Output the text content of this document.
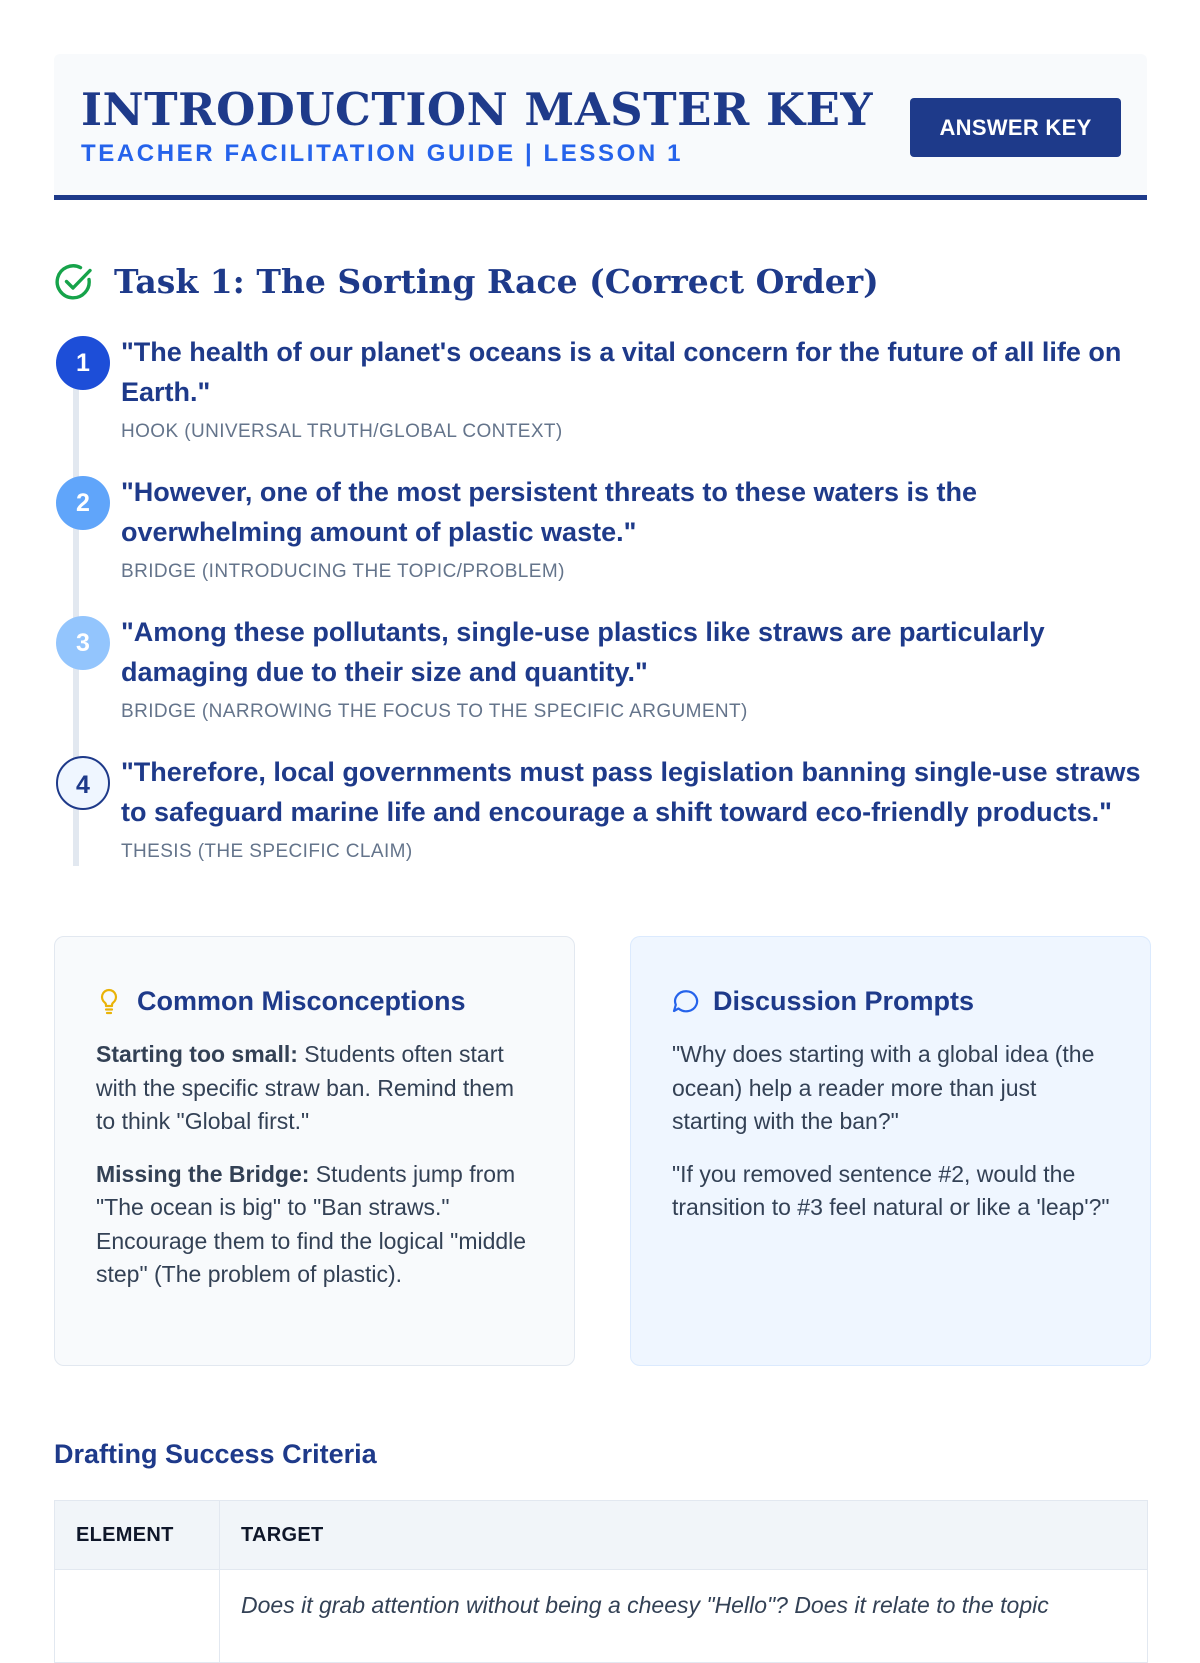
INTRODUCTION MASTER KEY
TEACHER FACILITATION GUIDE | LESSON 1
ANSWER KEY
Task 1: The Sorting Race (Correct Order)
1	"The health of our planet's oceans is a vital concern for the future of all life on Earth."

HOOK (UNIVERSAL TRUTH/GLOBAL CONTEXT)
2	"However, one of the most persistent threats to these waters is the overwhelming amount of plastic waste."

BRIDGE (INTRODUCING THE TOPIC/PROBLEM)
3	"Among these pollutants, single-use plastics like straws are particularly damaging due to their size and quantity."

BRIDGE (NARROWING THE FOCUS TO THE SPECIFIC ARGUMENT)
4	"Therefore, local governments must pass legislation banning single-use straws to safeguard marine life and encourage a shift toward eco-friendly products."

THESIS (THE SPECIFIC CLAIM)
Common Misconceptions

Starting too small: Students often start with the specific straw ban. Remind them to think "Global first."

Missing the Bridge: Students jump from "The ocean is big" to "Ban straws." Encourage them to find the logical "middle step" (The problem of plastic).

Discussion Prompts

"Why does starting with a global idea (the ocean) help a reader more than just starting with the ban?"

"If you removed sentence #2, would the transition to #3 feel natural or like a 'leap'?"

Drafting Success Criteria
ELEMENT	TARGET
	Does it grab attention without being a cheesy "Hello"? Does it relate to the topic
